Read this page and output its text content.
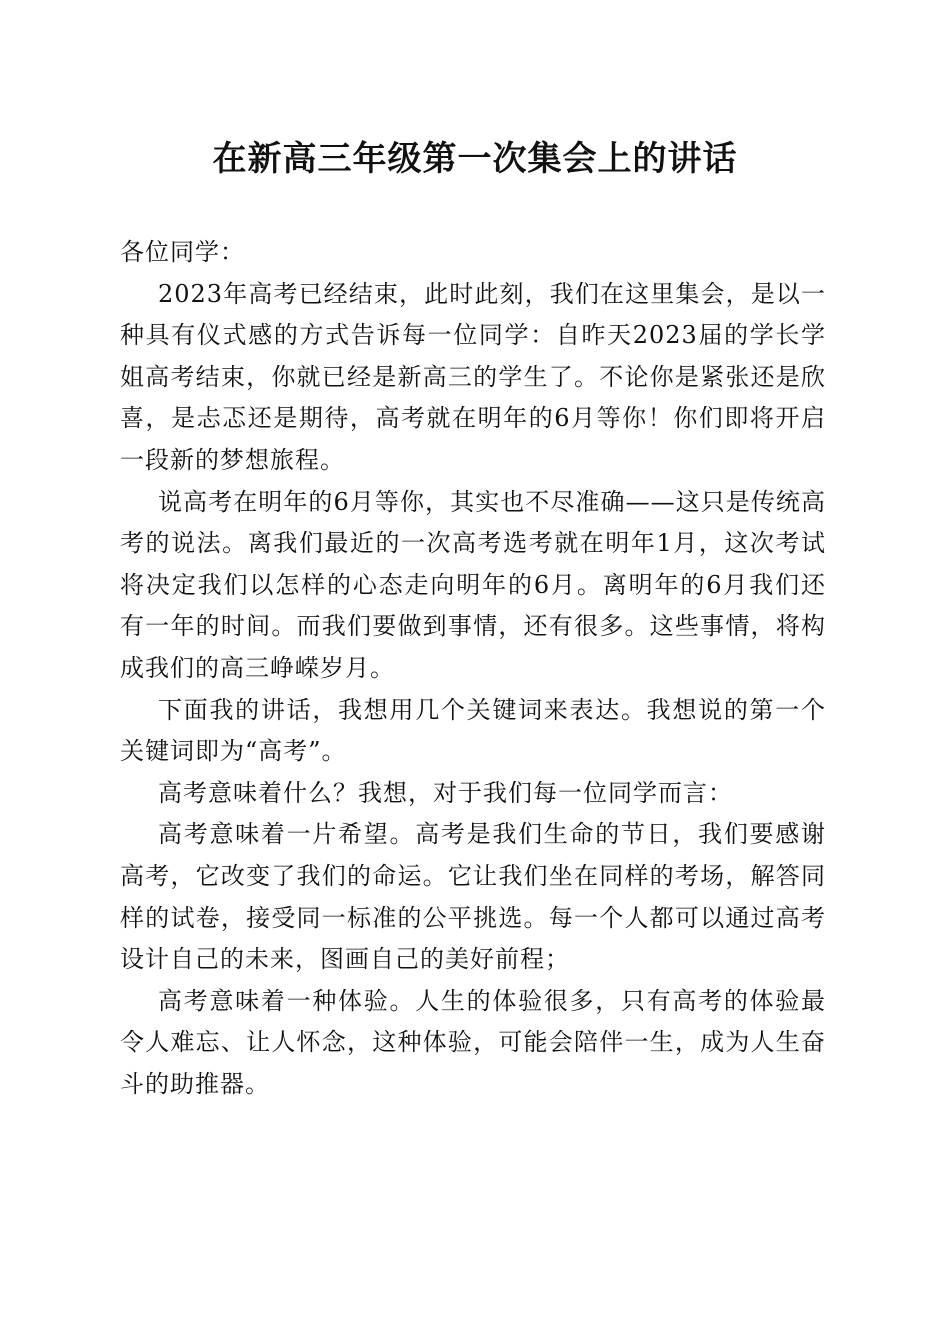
在新高三年级第一次集会上的讲话

各位同学：

2023年高考已经结束，此时此刻，我们在这里集会，是以一种具有仪式感的方式告诉每一位同学：自昨天2023届的学长学姐高考结束，你就已经是新高三的学生了。不论你是紧张还是欣喜，是忐忑还是期待，高考就在明年的6月等你！你们即将开启一段新的梦想旅程。

说高考在明年的6月等你，其实也不尽准确——这只是传统高考的说法。离我们最近的一次高考选考就在明年1月，这次考试将决定我们以怎样的心态走向明年的6月。离明年的6月我们还有一年的时间。而我们要做到事情，还有很多。这些事情，将构成我们的高三峥嵘岁月。

下面我的讲话，我想用几个关键词来表达。我想说的第一个关键词即为“高考”。

高考意味着什么？我想，对于我们每一位同学而言：

高考意味着一片希望。高考是我们生命的节日，我们要感谢高考，它改变了我们的命运。它让我们坐在同样的考场，解答同样的试卷，接受同一标准的公平挑选。每一个人都可以通过高考设计自己的未来，图画自己的美好前程；

高考意味着一种体验。人生的体验很多，只有高考的体验最令人难忘、让人怀念，这种体验，可能会陪伴一生，成为人生奋斗的助推器。
